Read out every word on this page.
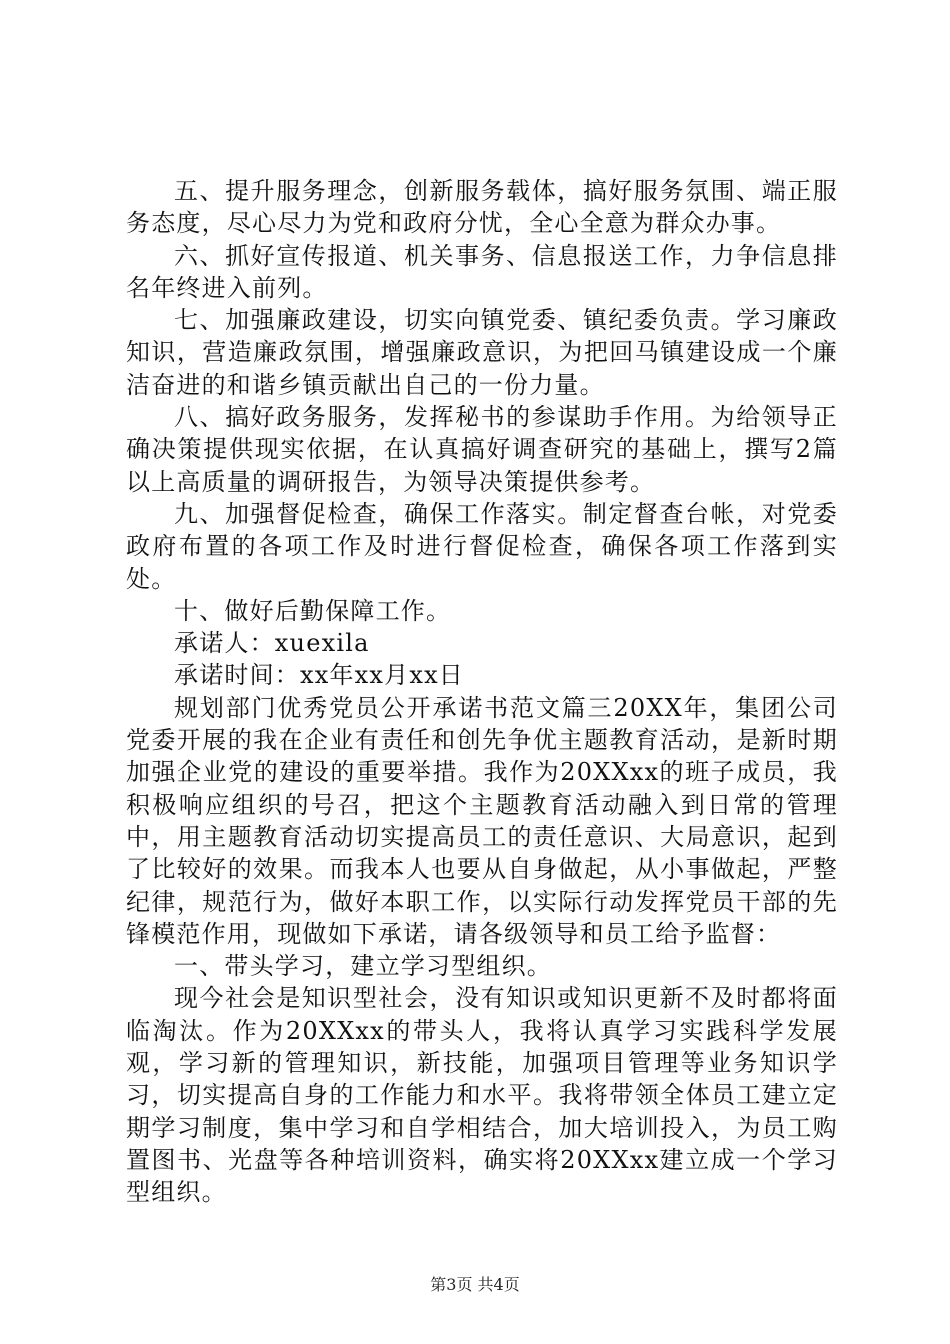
五、提升服务理念，创新服务载体，搞好服务氛围、端正服务态度，尽心尽力为党和政府分忧，全心全意为群众办事。

六、抓好宣传报道、机关事务、信息报送工作，力争信息排名年终进入前列。

七、加强廉政建设，切实向镇党委、镇纪委负责。学习廉政知识，营造廉政氛围，增强廉政意识，为把回马镇建设成一个廉洁奋进的和谐乡镇贡献出自己的一份力量。

八、搞好政务服务，发挥秘书的参谋助手作用。为给领导正确决策提供现实依据，在认真搞好调查研究的基础上，撰写2篇以上高质量的调研报告，为领导决策提供参考。

九、加强督促检查，确保工作落实。制定督查台帐，对党委政府布置的各项工作及时进行督促检查，确保各项工作落到实处。

十、做好后勤保障工作。

承诺人：xuexila

承诺时间：xx年xx月xx日

规划部门优秀党员公开承诺书范文篇三20XX年，集团公司党委开展的我在企业有责任和创先争优主题教育活动，是新时期加强企业党的建设的重要举措。我作为20XXxx的班子成员，我积极响应组织的号召，把这个主题教育活动融入到日常的管理中，用主题教育活动切实提高员工的责任意识、大局意识，起到了比较好的效果。而我本人也要从自身做起，从小事做起，严整纪律，规范行为，做好本职工作，以实际行动发挥党员干部的先锋模范作用，现做如下承诺，请各级领导和员工给予监督：

一、带头学习，建立学习型组织。

现今社会是知识型社会，没有知识或知识更新不及时都将面临淘汰。作为20XXxx的带头人，我将认真学习实践科学发展观，学习新的管理知识，新技能，加强项目管理等业务知识学习，切实提高自身的工作能力和水平。我将带领全体员工建立定期学习制度，集中学习和自学相结合，加大培训投入，为员工购置图书、光盘等各种培训资料，确实将20XXxx建立成一个学习型组织。

第3页 共4页
